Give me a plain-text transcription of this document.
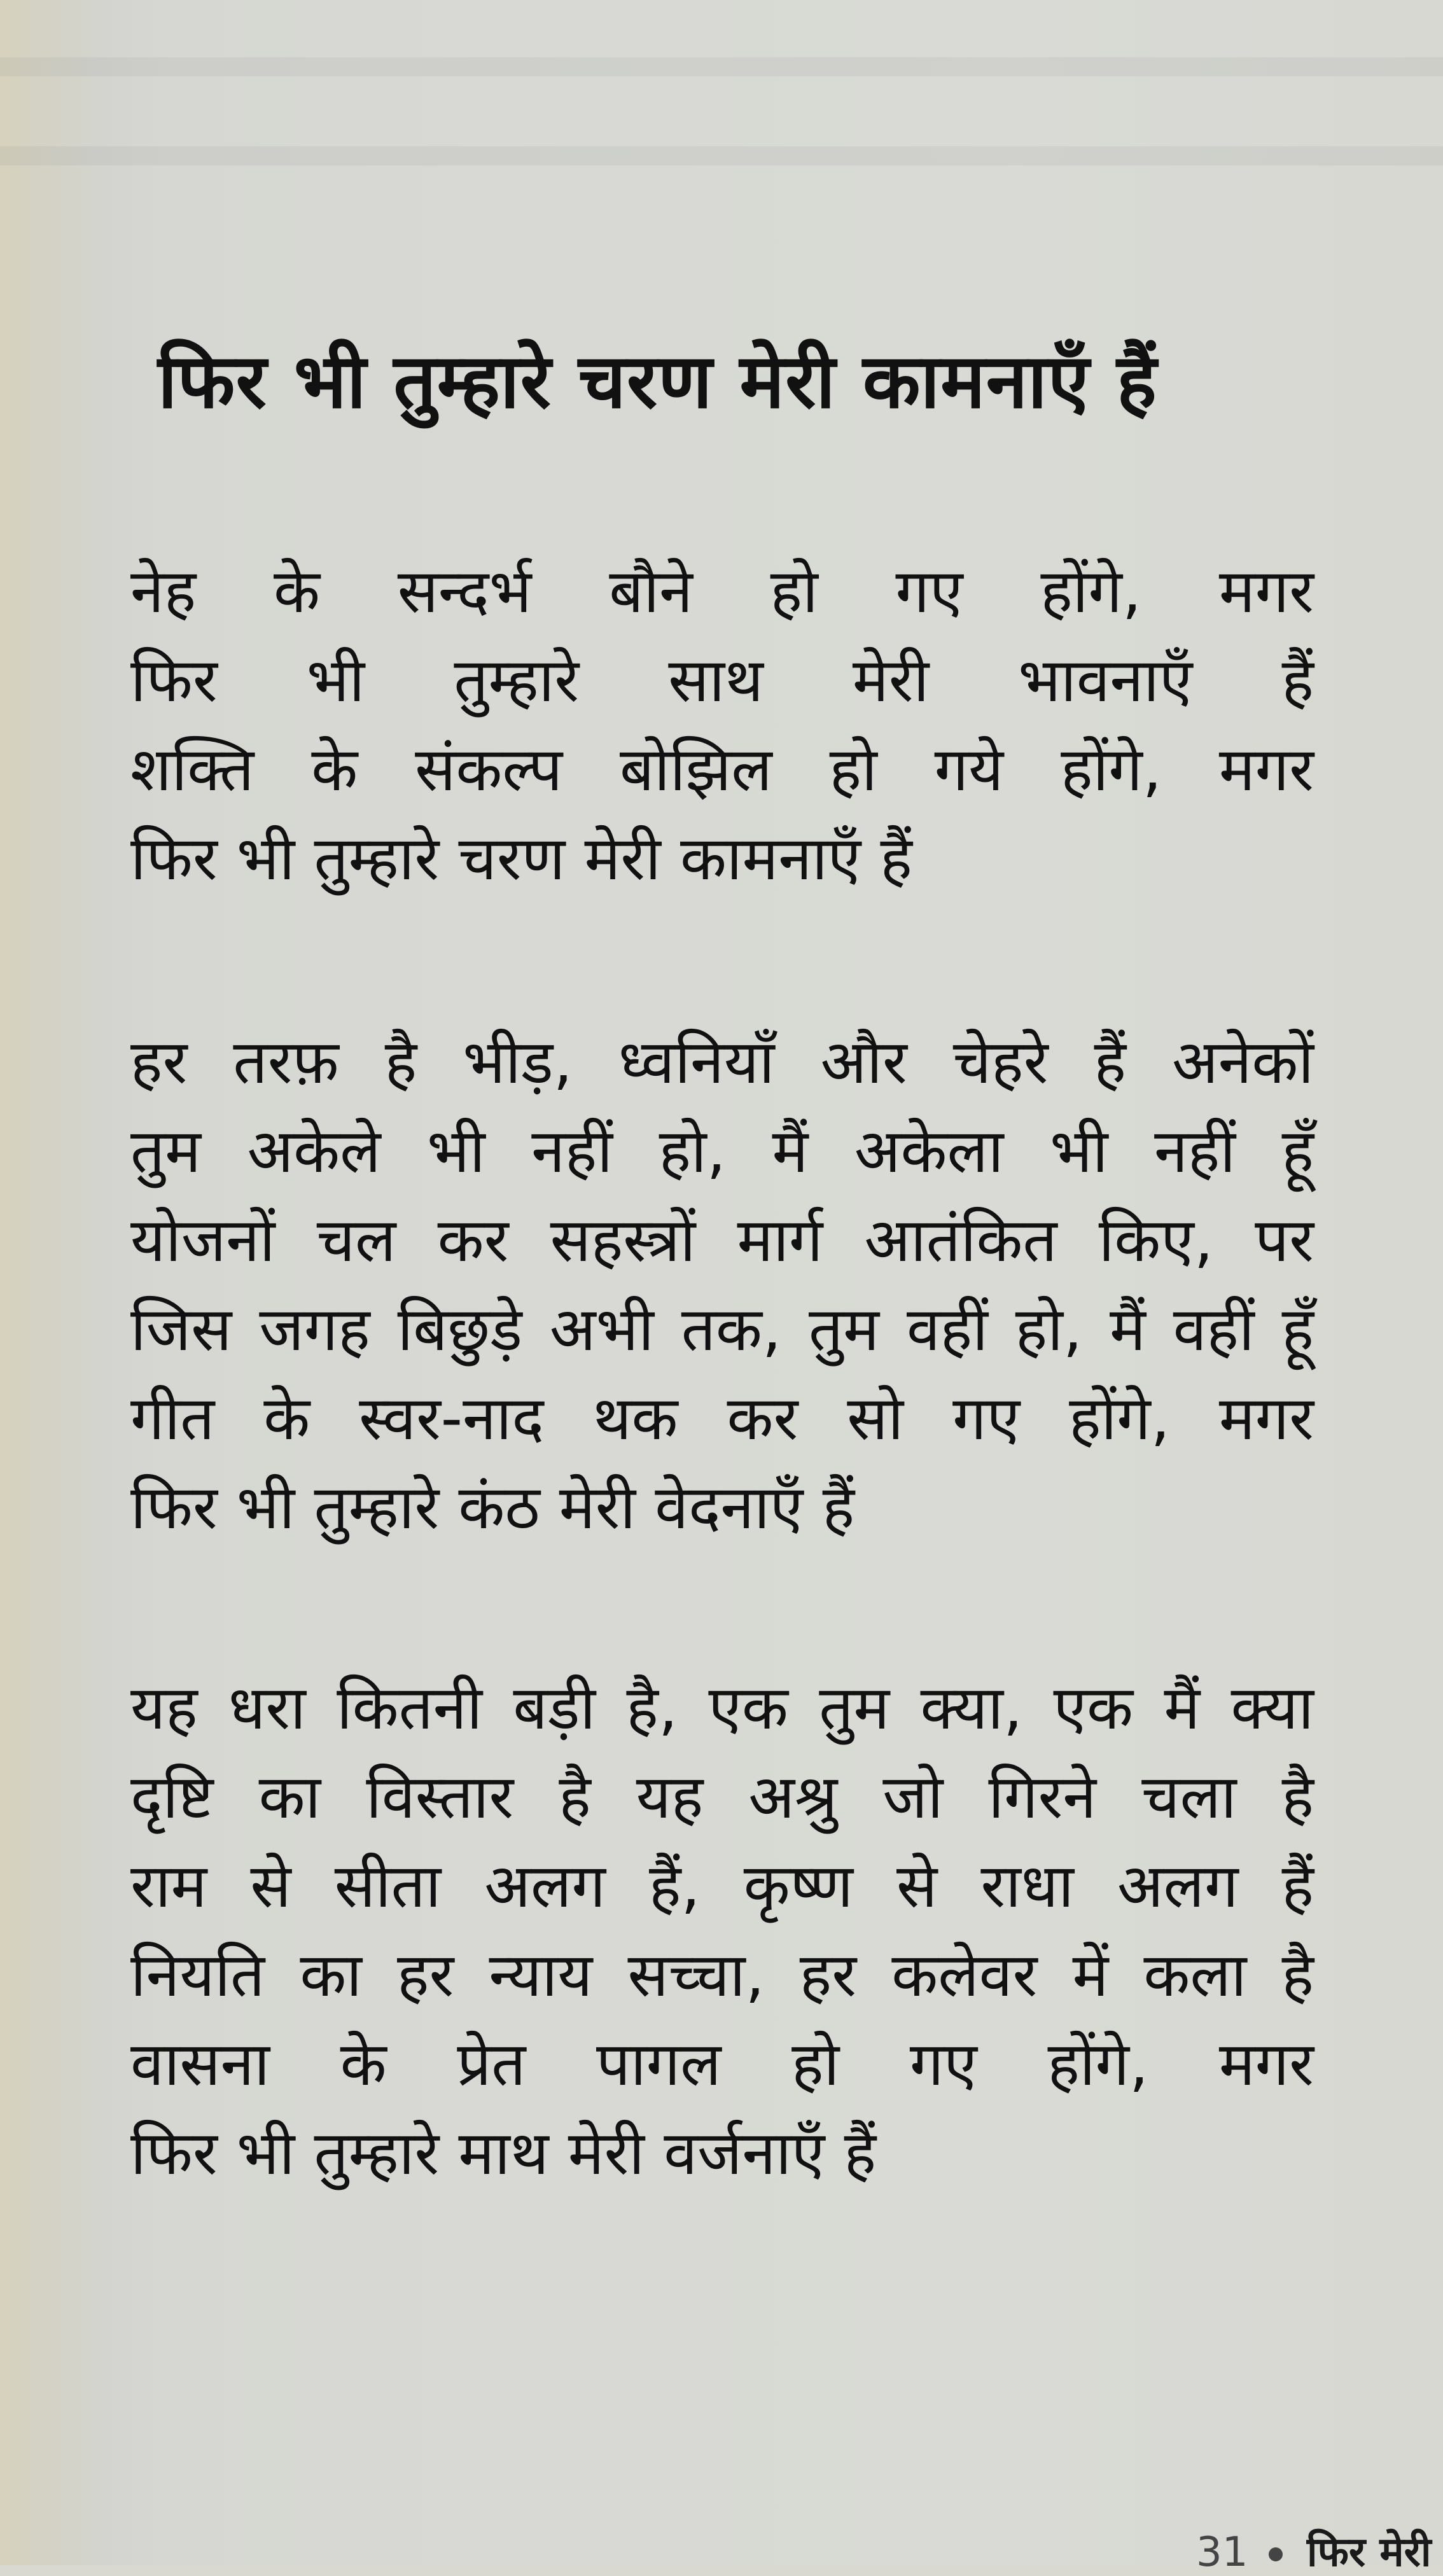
फिर भी तुम्हारे चरण मेरी कामनाएँ हैं
नेह के सन्दर्भ बौने हो गए होंगे, मगर
फिर भी तुम्हारे साथ मेरी भावनाएँ हैं
शक्ति के संकल्प बोझिल हो गये होंगे, मगर
फिर भी तुम्हारे चरण मेरी कामनाएँ हैं
हर तरफ़ है भीड़, ध्वनियाँ और चेहरे हैं अनेकों
तुम अकेले भी नहीं हो, मैं अकेला भी नहीं हूँ
योजनों चल कर सहस्त्रों मार्ग आतंकित किए, पर
जिस जगह बिछुड़े अभी तक, तुम वहीं हो, मैं वहीं हूँ
गीत के स्वर-नाद थक कर सो गए होंगे, मगर
फिर भी तुम्हारे कंठ मेरी वेदनाएँ हैं
यह धरा कितनी बड़ी है, एक तुम क्या, एक मैं क्या
दृष्टि का विस्तार है यह अश्रु जो गिरने चला है
राम से सीता अलग हैं, कृष्ण से राधा अलग हैं
नियति का हर न्याय सच्चा, हर कलेवर में कला है
वासना के प्रेत पागल हो गए होंगे, मगर
फिर भी तुम्हारे माथ मेरी वर्जनाएँ हैं
31 फिर मेरी
